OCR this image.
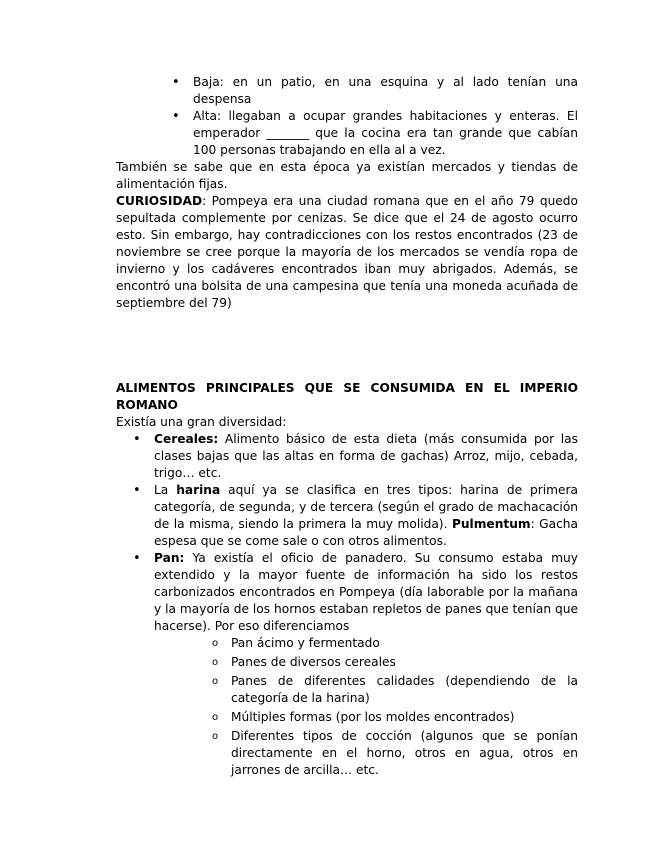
• Baja: en un patio, en una esquina y al lado tenían una despensa
• Alta: llegaban a ocupar grandes habitaciones y enteras. El emperador _______ que la cocina era tan grande que cabían 100 personas trabajando en ella al a vez.

También se sabe que en esta época ya existían mercados y tiendas de alimentación fijas.

CURIOSIDAD: Pompeya era una ciudad romana que en el año 79 quedo sepultada complemente por cenizas. Se dice que el 24 de agosto ocurro esto. Sin embargo, hay contradicciones con los restos encontrados (23 de noviembre se cree porque la mayoría de los mercados se vendía ropa de invierno y los cadáveres encontrados iban muy abrigados. Además, se encontró una bolsita de una campesina que tenía una moneda acuñada de septiembre del 79)

ALIMENTOS PRINCIPALES QUE SE CONSUMIDA EN EL IMPERIO ROMANO

Existía una gran diversidad:

• Cereales: Alimento básico de esta dieta (más consumida por las clases bajas que las altas en forma de gachas) Arroz, mijo, cebada, trigo… etc.
• La harina aquí ya se clasifica en tres tipos: harina de primera categoría, de segunda, y de tercera (según el grado de machacación de la misma, siendo la primera la muy molida). Pulmentum: Gacha espesa que se come sale o con otros alimentos.
• Pan: Ya existía el oficio de panadero. Su consumo estaba muy extendido y la mayor fuente de información ha sido los restos carbonizados encontrados en Pompeya (día laborable por la mañana y la mayoría de los hornos estaban repletos de panes que tenían que hacerse). Por eso diferenciamos
o Pan ácimo y fermentado
o Panes de diversos cereales
o Panes de diferentes calidades (dependiendo de la categoría de la harina)
o Múltiples formas (por los moldes encontrados)
o Diferentes tipos de cocción (algunos que se ponían directamente en el horno, otros en agua, otros en jarrones de arcilla… etc.
